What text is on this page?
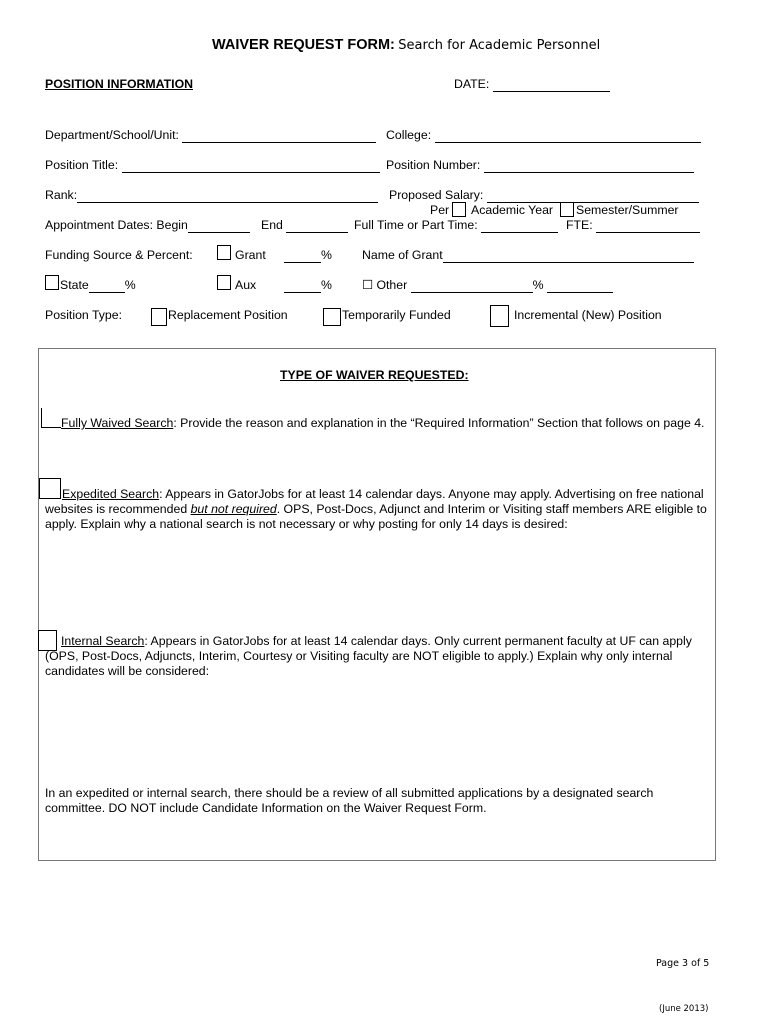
WAIVER REQUEST FORM: Search for Academic Personnel
POSITION INFORMATION	DATE:
Department/School/Unit:	College:
Position Title:	Position Number:
Rank:	Proposed Salary:
Per Academic Year Semester/Summer
Appointment Dates: Begin	End	Full Time or Part Time:	FTE:
Funding Source & Percent:	Grant	% Name of Grant
State	%	Aux	% ☐ Other	%
Position Type:	Replacement Position	Temporarily Funded	Incremental (New) Position
TYPE OF WAIVER REQUESTED:
Fully Waived Search: Provide the reason and explanation in the “Required Information” Section that follows on page 4.
Expedited Search: Appears in GatorJobs for at least 14 calendar days. Anyone may apply. Advertising on free national websites is recommended but not required. OPS, Post-Docs, Adjunct and Interim or Visiting staff members ARE eligible to apply. Explain why a national search is not necessary or why posting for only 14 days is desired:
Internal Search: Appears in GatorJobs for at least 14 calendar days. Only current permanent faculty at UF can apply (OPS, Post-Docs, Adjuncts, Interim, Courtesy or Visiting faculty are NOT eligible to apply.) Explain why only internal candidates will be considered:
In an expedited or internal search, there should be a review of all submitted applications by a designated search committee. DO NOT include Candidate Information on the Waiver Request Form.
Page 3 of 5
(June 2013)
